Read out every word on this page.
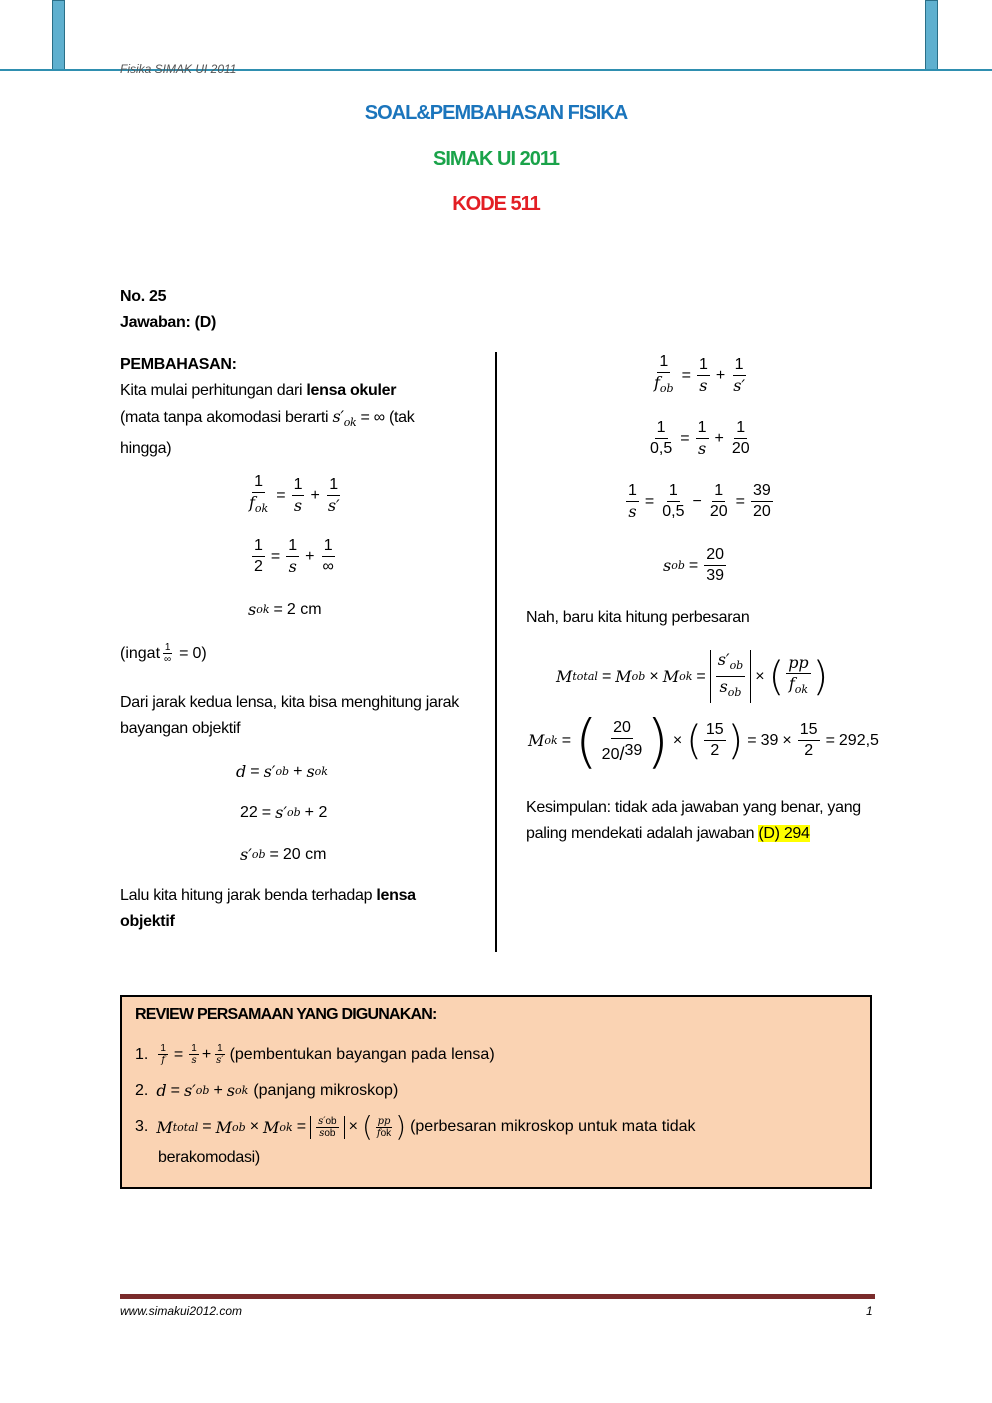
Fisika SIMAK UI 2011
SOAL&PEMBAHASAN FISIKA
SIMAK UI 2011
KODE 511
No. 25
Jawaban: (D)
PEMBAHASAN:
Kita mulai perhitungan dari lensa okuler
(mata tanpa akomodasi berarti $s'_{ok}$ = ∞ (tak
hingga)
$\frac{1}{f_{ok}} = \frac{1}{s} + \frac{1}{s'}$
$\frac{1}{2} = \frac{1}{s} + \frac{1}{\infty}$
s ok = 2 cm
(ingat $\frac{1}{\infty} = 0$)
Dari jarak kedua lensa, kita bisa menghitung jarak bayangan objektif
d = s′ ob + s ok
22 = s′ ob + 2
s′ ob = 20 cm
Lalu kita hitung jarak benda terhadap lensa objektif
$\frac{1}{f_{ob}} = \frac{1}{s} + \frac{1}{s'}$
$\frac{1}{0,5} = \frac{1}{s} + \frac{1}{20}$
$\frac{1}{s} = \frac{1}{0,5} - \frac{1}{20} = \frac{39}{20}$
s ob = $\frac{20}{39}$
Nah, baru kita hitung perbesaran
M total = M ob × M ok = $\frac{s'_{ob}}{s_{ob}}$ × ( $\frac{pp}{f_{ok}}$ )
M ok = ( $\frac{20}{20 / 39}$ ) × ( $\frac{15}{2}$ ) = $39 \times \frac{15}{2} = 292,5$
Kesimpulan: tidak ada jawaban yang benar, yang paling mendekati adalah jawaban (D) 294
REVIEW PERSAMAAN YANG DIGUNAKAN:
1. $\frac{1}{f} = \frac{1}{s} + \frac{1}{s'}$ (pembentukan bayangan pada lensa)
2. d = s′ ob + s ok (panjang mikroskop)
3. M total = M ob × M ok = $\frac{s'ob}{\text{sob}}$ × ( $\frac{pp}{\text{fok}}$ ) (perbesaran mikroskop untuk mata tidak
berakomodasi)
www.simakui2012.com	1
